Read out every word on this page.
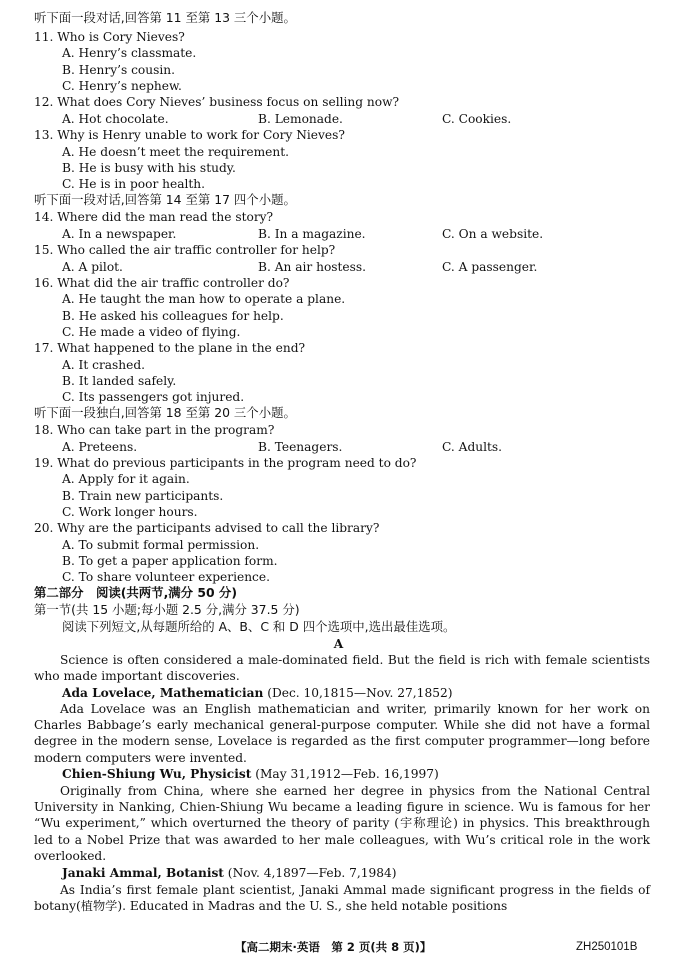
听下面一段对话,回答第 11 至第 13 三个小题。
11. Who is Cory Nieves?
A. Henry’s classmate.
B. Henry’s cousin.
C. Henry’s nephew.
12. What does Cory Nieves’ business focus on selling now?
A. Hot chocolate.	B. Lemonade.	C. Cookies.
13. Why is Henry unable to work for Cory Nieves?
A. He doesn’t meet the requirement.
B. He is busy with his study.
C. He is in poor health.
听下面一段对话,回答第 14 至第 17 四个小题。
14. Where did the man read the story?
A. In a newspaper.	B. In a magazine.	C. On a website.
15. Who called the air traffic controller for help?
A. A pilot.	B. An air hostess.	C. A passenger.
16. What did the air traffic controller do?
A. He taught the man how to operate a plane.
B. He asked his colleagues for help.
C. He made a video of flying.
17. What happened to the plane in the end?
A. It crashed.
B. It landed safely.
C. Its passengers got injured.
听下面一段独白,回答第 18 至第 20 三个小题。
18. Who can take part in the program?
A. Preteens.	B. Teenagers.	C. Adults.
19. What do previous participants in the program need to do?
A. Apply for it again.
B. Train new participants.
C. Work longer hours.
20. Why are the participants advised to call the library?
A. To submit formal permission.
B. To get a paper application form.
C. To share volunteer experience.
第二部分　阅读(共两节,满分 50 分)
第一节(共 15 小题;每小题 2.5 分,满分 37.5 分)
阅读下列短文,从每题所给的 A、B、C 和 D 四个选项中,选出最佳选项。
A

Science is often considered a male-dominated field. But the field is rich with female scientists who made important discoveries.

Ada Lovelace, Mathematician (Dec. 10,1815—Nov. 27,1852)

Ada Lovelace was an English mathematician and writer, primarily known for her work on Charles Babbage’s early mechanical general-purpose computer. While she did not have a formal degree in the modern sense, Lovelace is regarded as the first computer programmer—long before modern computers were invented.

Chien-Shiung Wu, Physicist (May 31,1912—Feb. 16,1997)

Originally from China, where she earned her degree in physics from the National Central University in Nanking, Chien-Shiung Wu became a leading figure in science. Wu is famous for her “Wu experiment,” which overturned the theory of parity (宇称理论) in physics. This breakthrough led to a Nobel Prize that was awarded to her male colleagues, with Wu’s critical role in the work overlooked.

Janaki Ammal, Botanist (Nov. 4,1897—Feb. 7,1984)

As India’s first female plant scientist, Janaki Ammal made significant progress in the fields of botany(植物学). Educated in Madras and the U. S., she held notable positions

【高二期末·英语　第 2 页(共 8 页)】	ZH250101B
